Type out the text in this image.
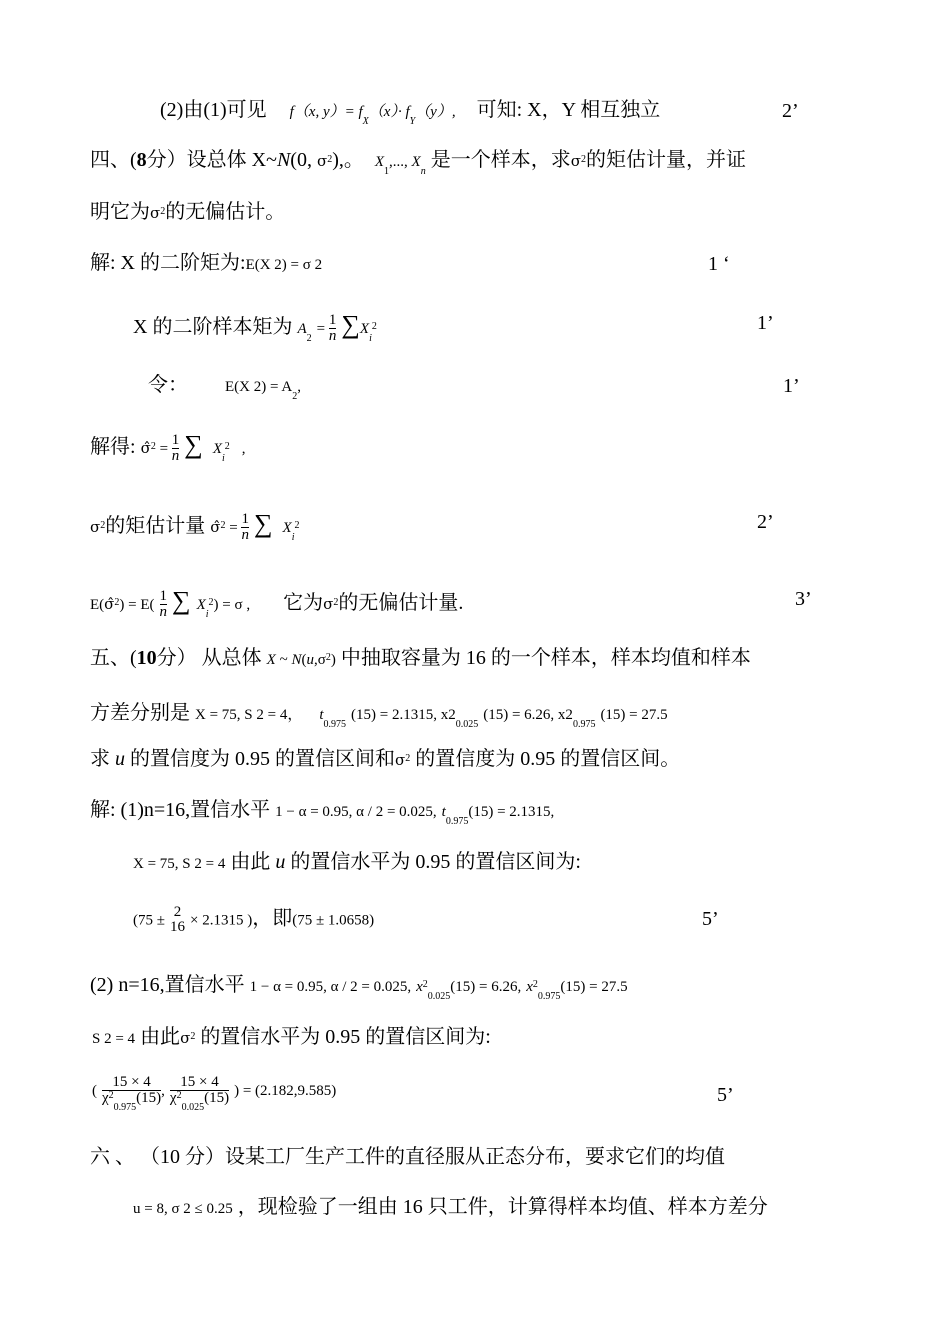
(2)由(1)可见 f（x, $y)= f_X(x)\cdot f_Y(y)$, 可知: X，Y 相互独立	2’
四、(8分）设总体 X~N(0, $\sigma^2$),。 $X_1$,..., $X_n$ 是一个样本，求$\sigma^2$的矩估计量，并证
明它为$\sigma^2$的无偏估计。
解: X 的二阶矩为:E(X 2) = σ 2	1 ‘
X 的二阶样本矩为 $A_2 = \frac{1}{n} \sum X_i^2$	1’
令： E(X $2) = A_2$,	1’
解得: σ̂$^2$ = $\frac{1}{n}$ ∑ $X_i^2$ ,
$\sigma^2$的矩估计量 σ̂$^2$ = $\frac{1}{n}$ ∑ $X_i^2$	2’
E(σ̂$^2$) = $E( \frac{1}{n}$ ∑ $X_i^2) = \sigma$ , 它为$\sigma^2$的无偏估计量.	3’
五、(10分） 从总体 X ~ $N(u,\sigma^2)$ 中抽取容量为 16 的一个样本，样本均值和样本
方差分别是 X = 75, S 2 = 4， $t_{0.975}$ (15) = 2.1315, $x2_{0.025}$ (15) = 6.26, $x2_{0.975}$ (15) = 27.5
求 u 的置信度为 0.95 的置信区间和$\sigma^2$ 的置信度为 0.95 的置信区间。
解: (1)n=16,置信水平 1 − α = 0.95, α / 2 = 0.025, $t_{0.975}(15) = 2.1315$,
X = 75, S 2 = 4 由此 u 的置信水平为 0.95 的置信区间为:
(75 ±
2
16 × 2.1315 )，即(75 ± 1.0658)	5’
(2) n=16,置信水平 1 − α = 0.95, α / 2 = 0.025, $x^2_{0.025}(15) = 6.26$, $x^2_{0.975}(15) = 27.5$
S 2 = 4 由此$\sigma^2$ 的置信水平为 0.95 的置信区间为:
( $\frac{15 \times 4}{\chi^2_{0.975}(15)}$ , $\frac{15 \times 4}{\chi^2_{0.025}(15)}$ ) = (2.182,9.585)	5’
六 、 （10 分）设某工厂生产工件的直径服从正态分布，要求它们的均值
u = 8, σ 2 ≤ 0.25 ，现检验了一组由 16 只工件，计算得样本均值、样本方差分
